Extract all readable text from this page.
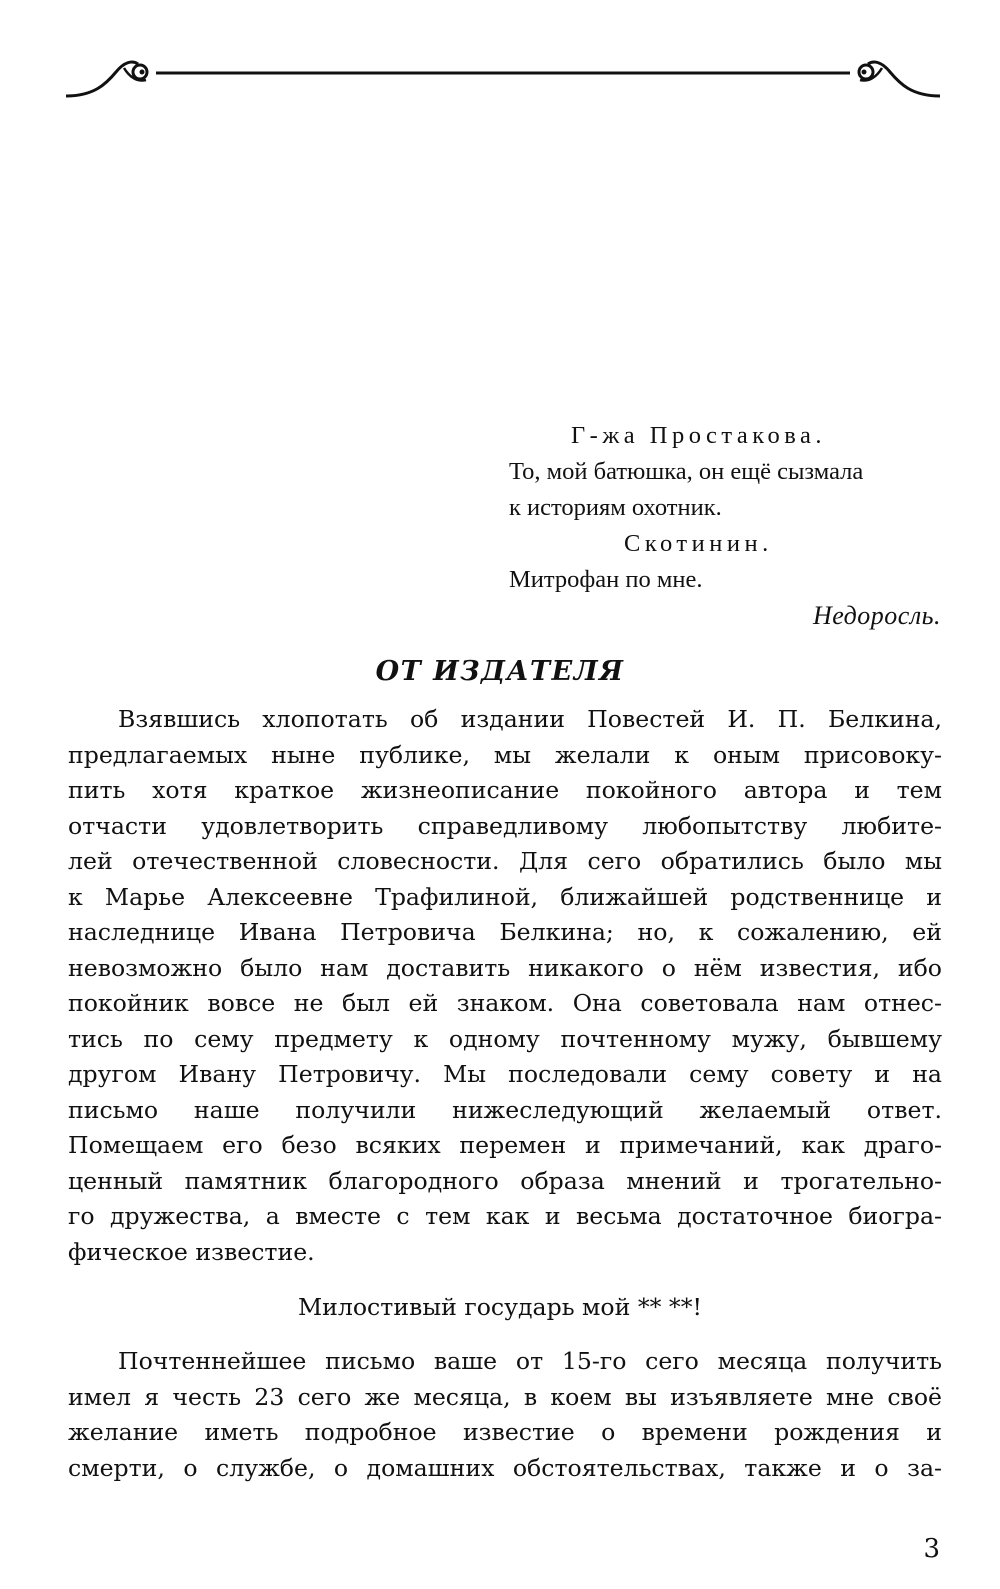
Г-жа Простакова.
То, мой батюшка, он ещё сызмала
к историям охотник.
Скотинин.
Митрофан по мне.
Недоросль.
ОТ ИЗДАТЕЛЯ
Взявшись хлопотать об издании Повестей И. П. Белкина,
предлагаемых ныне публике, мы желали к оным присовоку-
пить хотя краткое жизнеописание покойного автора и тем
отчасти удовлетворить справедливому любопытству любите-
лей отечественной словесности. Для сего обратились было мы
к Марье Алексеевне Трафилиной, ближайшей родственнице и
наследнице Ивана Петровича Белкина; но, к сожалению, ей
невозможно было нам доставить никакого о нём известия, ибо
покойник вовсе не был ей знаком. Она советовала нам отнес-
тись по сему предмету к одному почтенному мужу, бывшему
другом Ивану Петровичу. Мы последовали сему совету и на
письмо наше получили нижеследующий желаемый ответ.
Помещаем его безо всяких перемен и примечаний, как драго-
ценный памятник благородного образа мнений и трогательно-
го дружества, а вместе с тем как и весьма достаточное биогра-
фическое известие.
Милостивый государь мой ** **!
Почтеннейшее письмо ваше от 15-го сего месяца получить
имел я честь 23 сего же месяца, в коем вы изъявляете мне своё
желание иметь подробное известие о времени рождения и
смерти, о службе, о домашних обстоятельствах, также и о за-
3
